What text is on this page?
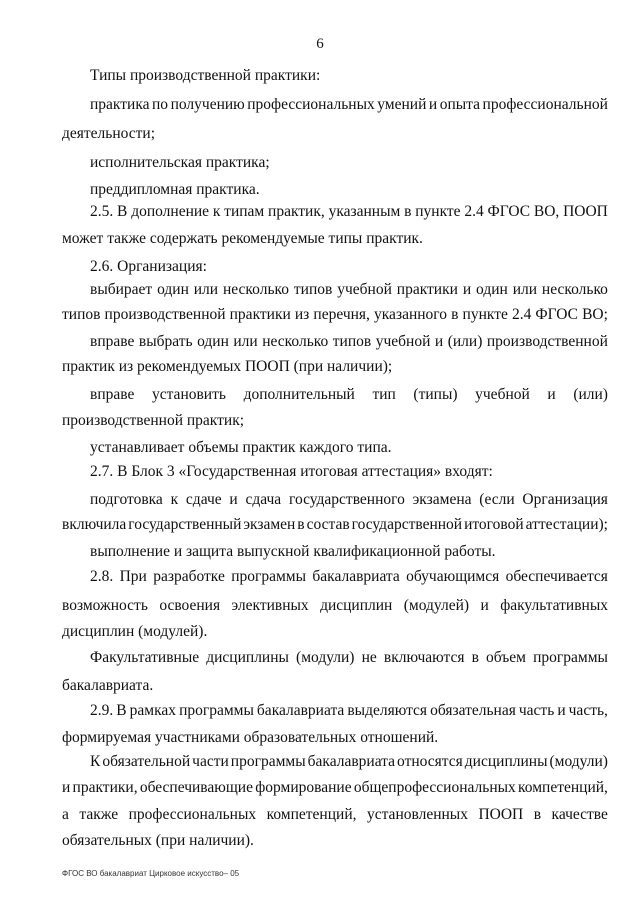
6
Типы производственной практики:
практика по получению профессиональных умений и опыта профессиональной
деятельности;
исполнительская практика;
преддипломная практика.
2.5. В дополнение к типам практик, указанным в пункте 2.4 ФГОС ВО, ПООП
может также содержать рекомендуемые типы практик.
2.6. Организация:
выбирает один или несколько типов учебной практики и один или несколько
типов производственной практики из перечня, указанного в пункте 2.4 ФГОС ВО;
вправе выбрать один или несколько типов учебной и (или) производственной
практик из рекомендуемых ПООП (при наличии);
вправе установить дополнительный тип (типы) учебной и (или)
производственной практик;
устанавливает объемы практик каждого типа.
2.7. В Блок 3 «Государственная итоговая аттестация» входят:
подготовка к сдаче и сдача государственного экзамена (если Организация
включила государственный экзамен в состав государственной итоговой аттестации);
выполнение и защита выпускной квалификационной работы.
2.8. При разработке программы бакалавриата обучающимся обеспечивается
возможность освоения элективных дисциплин (модулей) и факультативных
дисциплин (модулей).
Факультативные дисциплины (модули) не включаются в объем программы
бакалавриата.
2.9. В рамках программы бакалавриата выделяются обязательная часть и часть,
формируемая участниками образовательных отношений.
К обязательной части программы бакалавриата относятся дисциплины (модули)
и практики, обеспечивающие формирование общепрофессиональных компетенций,
а также профессиональных компетенций, установленных ПООП в качестве
обязательных (при наличии).
ФГОС ВО бакалавриат Цирковое искусство– 05
